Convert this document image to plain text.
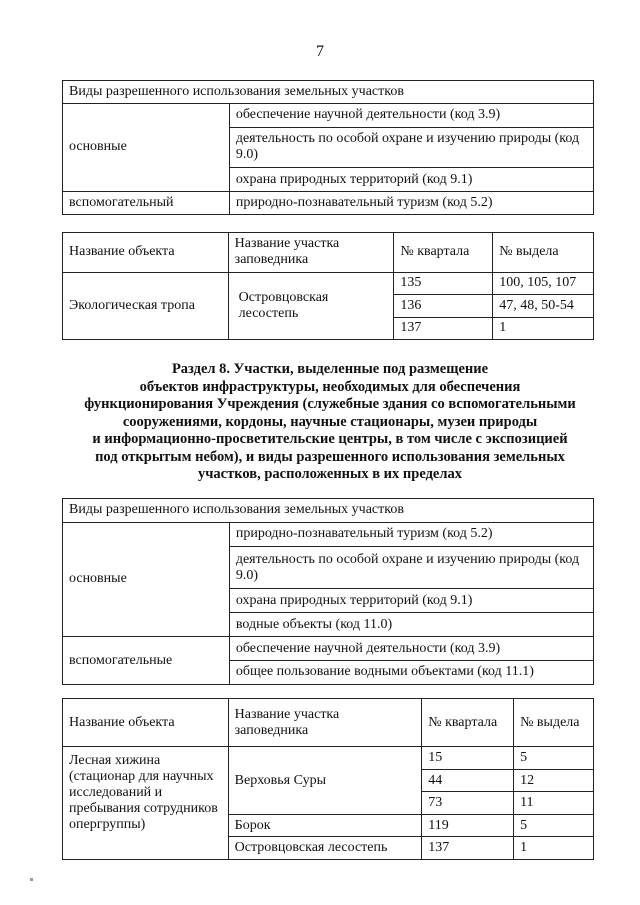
7
Виды разрешенного использования земельных участков	
основные	обеспечение научной деятельности (код 3.9)
	деятельность по особой охране и изучению природы (код 9.0)
	охрана природных территорий (код 9.1)
вспомогательный	природно-познавательный туризм (код 5.2)
Название объекта	Название участка заповедника	№ квартала	№ выдела
Экологическая тропа	Островцовская лесостепь	135	100, 105, 107
		136	47, 48, 50-54
		137	1
Раздел 8. Участки, выделенные под размещение
объектов инфраструктуры, необходимых для обеспечения
функционирования Учреждения (служебные здания со вспомогательными
сооружениями, кордоны, научные стационары, музеи природы
и информационно-просветительские центры, в том числе с экспозицией
под открытым небом), и виды разрешенного использования земельных
участков, расположенных в их пределах
Виды разрешенного использования земельных участков	
основные	природно-познавательный туризм (код 5.2)
	деятельность по особой охране и изучению природы (код 9.0)
	охрана природных территорий (код 9.1)
	водные объекты (код 11.0)
вспомогательные	обеспечение научной деятельности (код 3.9)
	общее пользование водными объектами (код 11.1)
Название объекта	Название участка заповедника	№ квартала	№ выдела
Лесная хижина (стационар для научных исследований и пребывания сотрудников опергруппы)	Верховья Суры	15	5
		44	12
		73	11
	Борок	119	5
	Островцовская лесостепь	137	1
